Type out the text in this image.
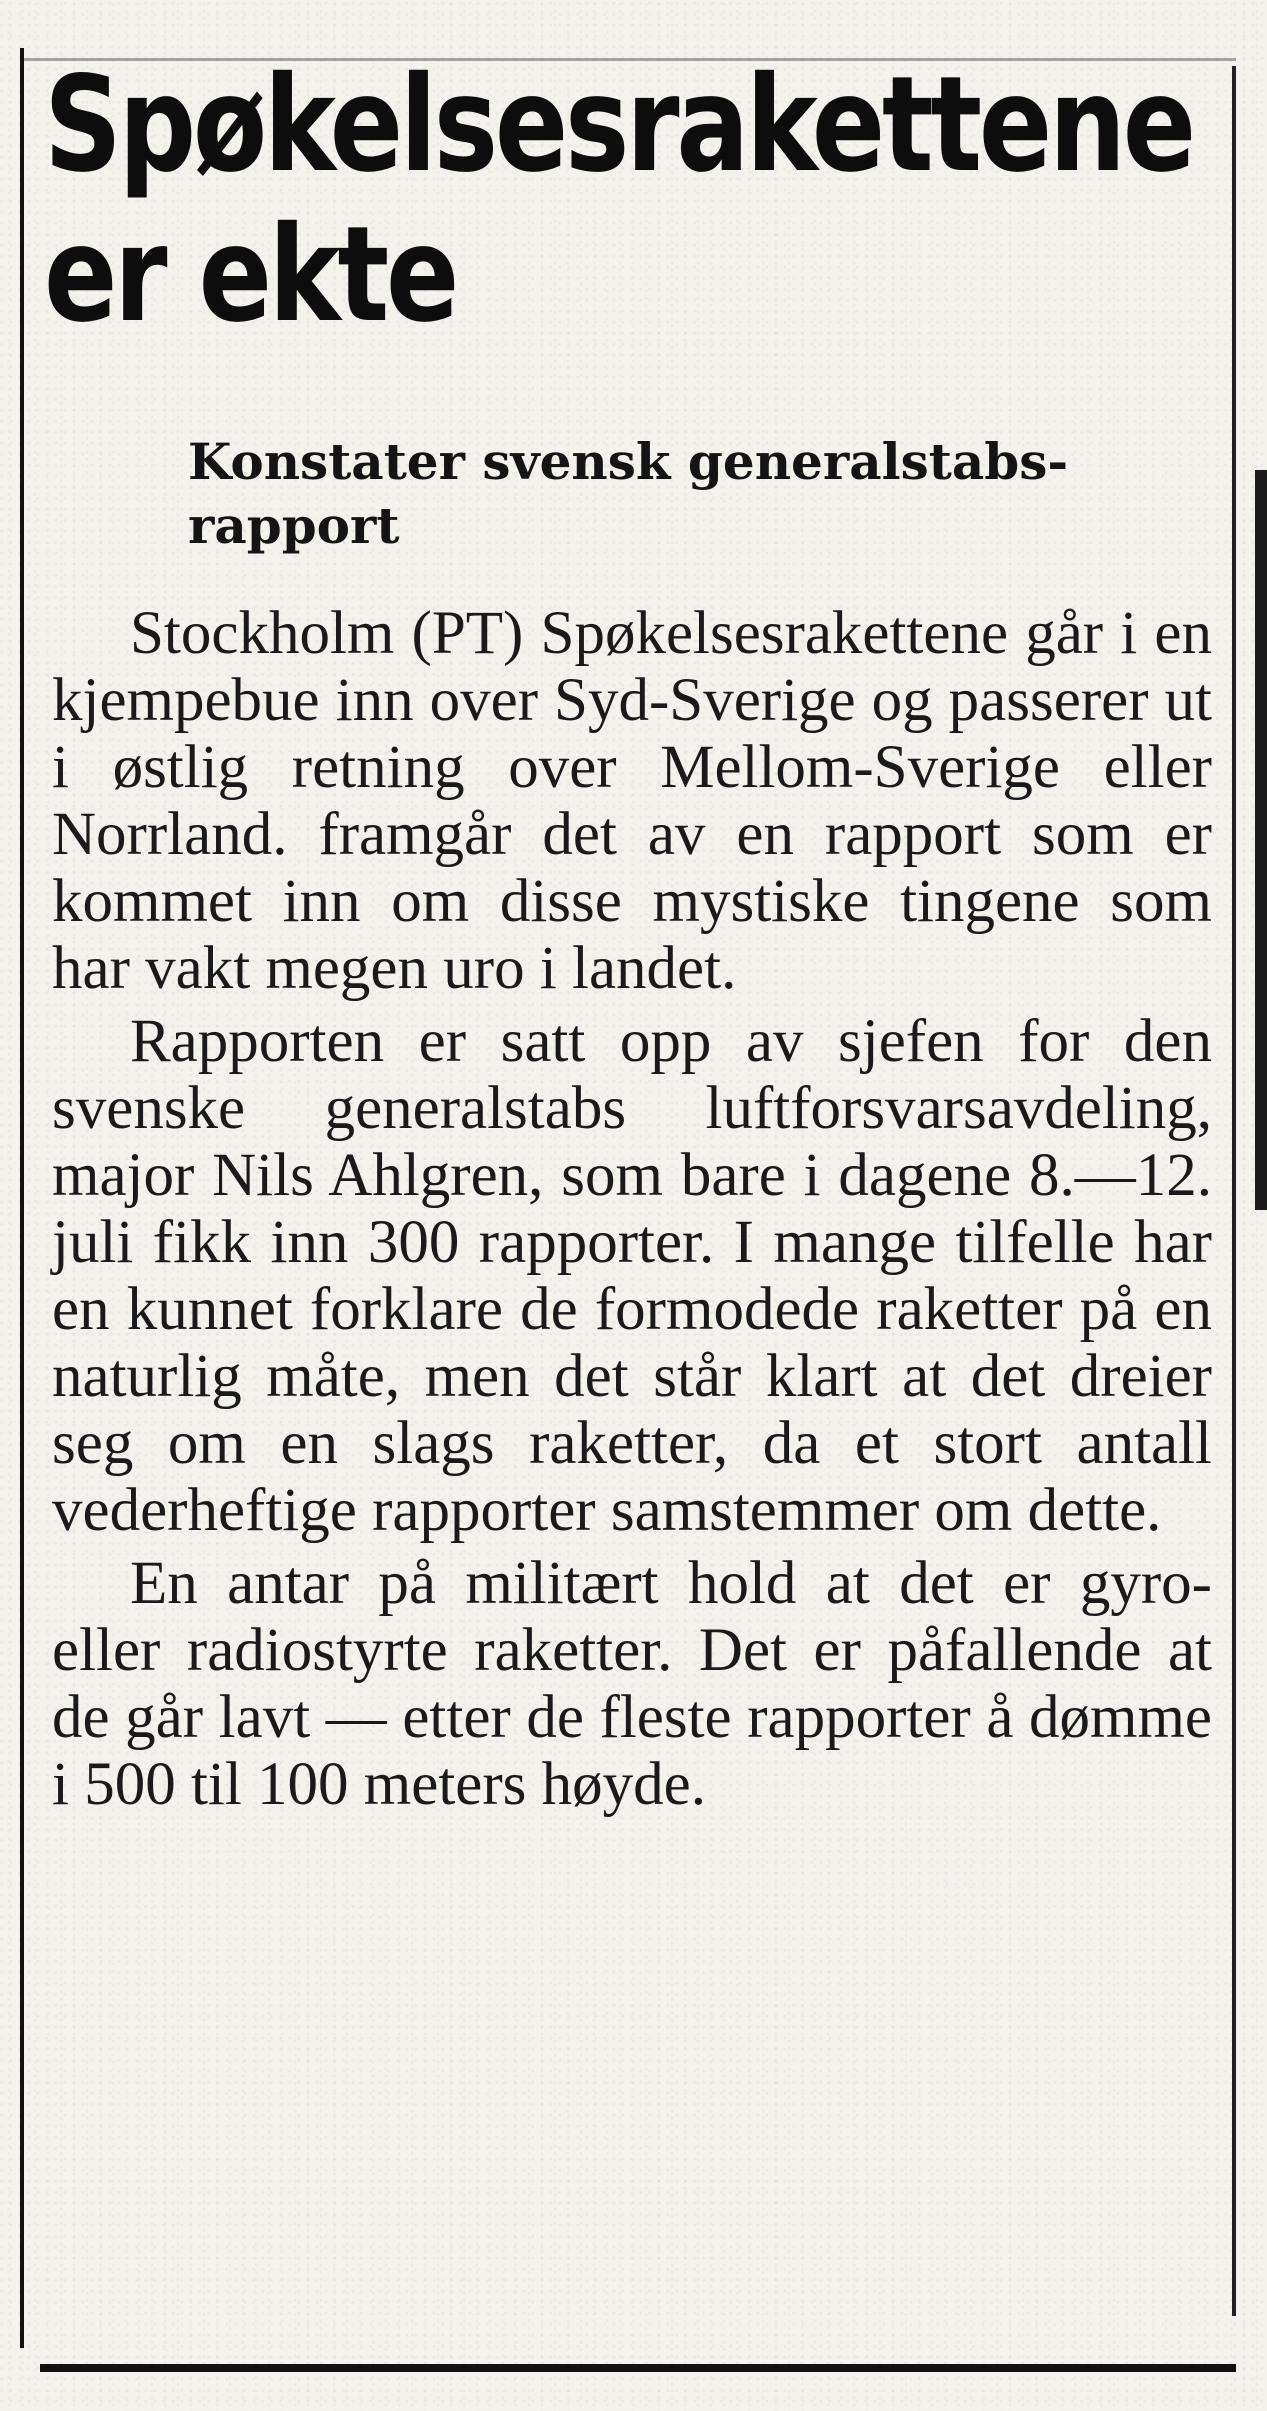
Spøkelsesrakettene
er ekte
Konstater svensk generalstabs-rapport

Stockholm (PT) Spøkelsesrakettene går i en kjempebue inn over Syd-Sverige og passerer ut i østlig retning over Mellom-Sverige eller Norrland. framgår det av en rapport som er kommet inn om disse mystiske tingene som har vakt megen uro i landet.

Rapporten er satt opp av sjefen for den svenske generalstabs luftforsvarsavdeling, major Nils Ahlgren, som bare i dagene 8.—12. juli fikk inn 300 rapporter. I mange tilfelle har en kunnet forklare de formodede raketter på en naturlig måte, men det står klart at det dreier seg om en slags raketter, da et stort antall vederheftige rapporter samstemmer om dette.

En antar på militært hold at det er gyro- eller radiostyrte raketter. Det er påfallende at de går lavt — etter de fleste rapporter å dømme i 500 til 100 meters høyde.
